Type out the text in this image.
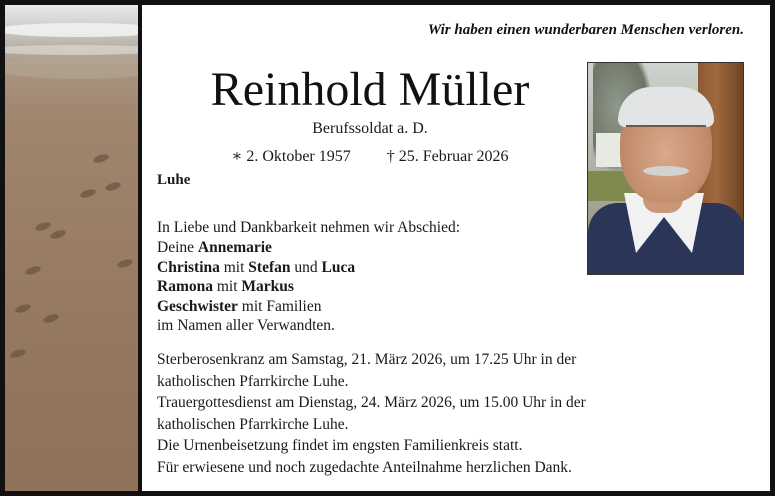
Wir haben einen wunderbaren Menschen verloren.
Reinhold Müller
Berufssoldat a. D.
∗ 2. Oktober 1957 † 25. Februar 2026
Luhe
In Liebe und Dankbarkeit nehmen wir Abschied:
Deine Annemarie
Christina mit Stefan und Luca
Ramona mit Markus
Geschwister mit Familien
im Namen aller Verwandten.
Sterberosenkranz am Samstag, 21. März 2026, um 17.25 Uhr in der
katholischen Pfarrkirche Luhe.
Trauergottesdienst am Dienstag, 24. März 2026, um 15.00 Uhr in der
katholischen Pfarrkirche Luhe.
Die Urnenbeisetzung findet im engsten Familienkreis statt.
Für erwiesene und noch zugedachte Anteilnahme herzlichen Dank.
